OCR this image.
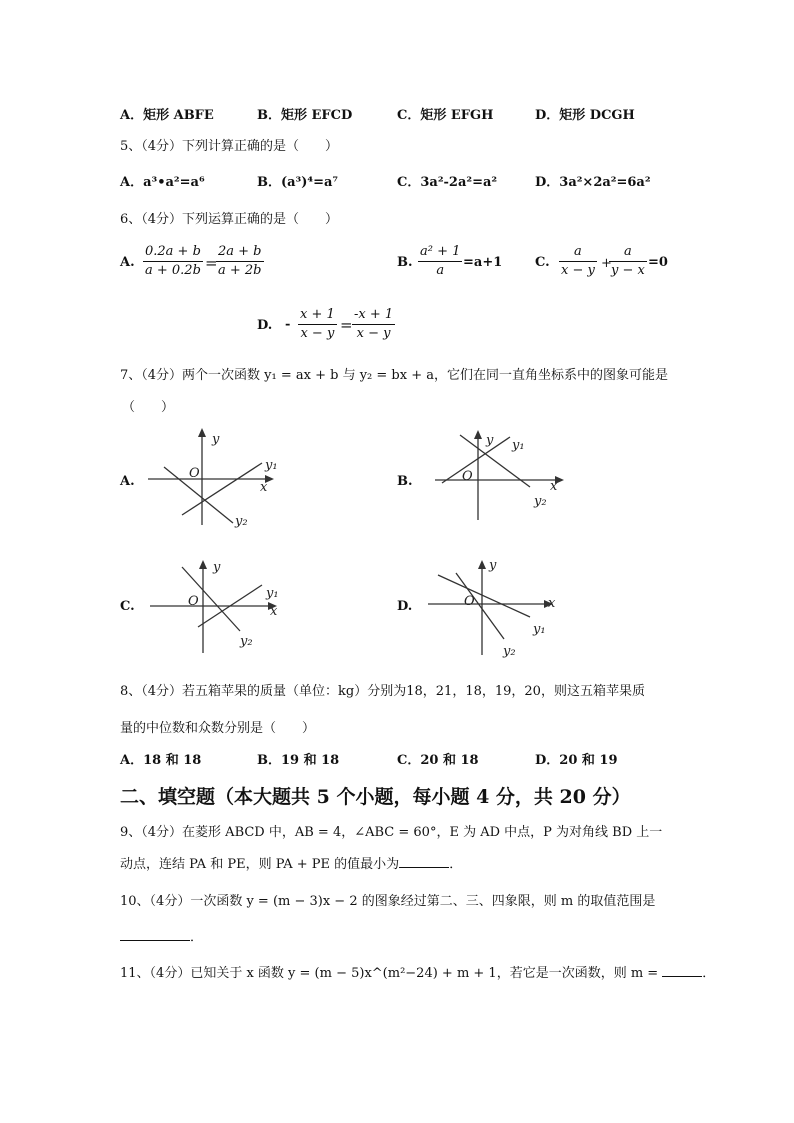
A．矩形 ABFE	B．矩形 EFCD	C．矩形 EFGH	D．矩形 DCGH
5、（4分）下列计算正确的是（　　）
A．a³•a²=a⁶	B．(a³)⁴=a⁷	C．3a²-2a²=a²	D．3a²×2a²=6a²
6、（4分）下列运算正确的是（　　）
A. $\frac{0.2a + b}{a + 0.2b}$ =
$\frac{2a + b}{a + 2b}$	B. $\frac{\text{a² + 1}}{a} =a+1$	C. $\frac{a}{x - y}$ +
$\frac{a}{y - x} =0$
D. - $\frac{x + 1}{x - y} = \frac{-x + 1}{x - y}$
7、（4分）两个一次函数 y₁ = ax + b 与 y₂ = bx + a，它们在同一直角坐标系中的图象可能是
（　　）
A.	x
y
O
y₁
y₂
B.	x
y
O
y₁
y₂
C.	x
y
O
y₁
y₂
D.	x
y
O
y₁
y₂
8、（4分）若五箱苹果的质量（单位：kg）分别为18，21，18，19，20，则这五箱苹果质
量的中位数和众数分别是（　　）
A．18 和 18	B．19 和 18	C．20 和 18	D．20 和 19
二、填空题（本大题共 5 个小题，每小题 4 分，共 20 分）
9、（4分）在菱形 ABCD 中，AB = 4，∠ABC = 60°，E 为 AD 中点，P 为对角线 BD 上一
动点，连结 PA 和 PE，则 PA + PE 的值最小为	．
10、（4分）一次函数 y = (m − 3)x − 2 的图象经过第二、三、四象限，则 m 的取值范围是
．
11、（4分）已知关于 x 函数 y = (m − 5)x^(m²−24) + m + 1，若它是一次函数，则 m =	．
